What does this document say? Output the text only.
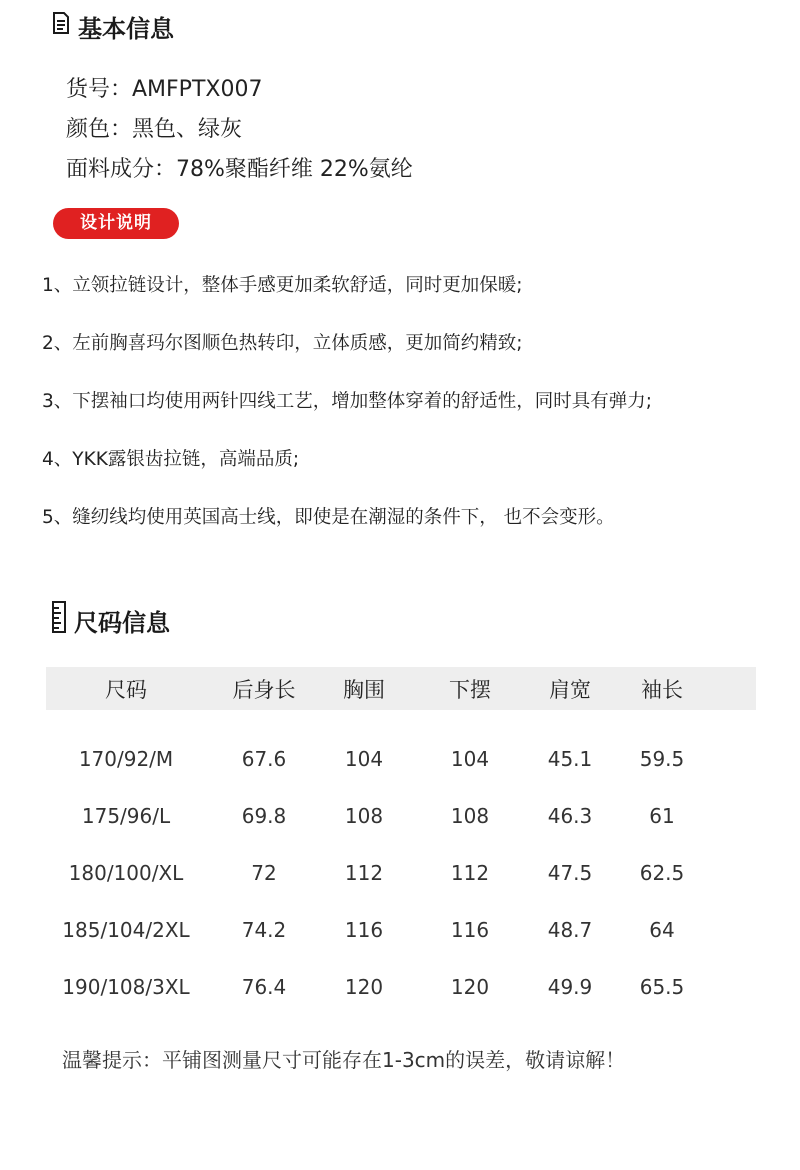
基本信息
货号：AMFPTX007
颜色：黑色、绿灰
面料成分：78%聚酯纤维 22%氨纶
设计说明
1、立领拉链设计，整体手感更加柔软舒适，同时更加保暖;
2、左前胸喜玛尔图顺色热转印，立体质感，更加简约精致;
3、下摆袖口均使用两针四线工艺，增加整体穿着的舒适性，同时具有弹力;
4、YKK露银齿拉链，高端品质;
5、缝纫线均使用英国高士线，即使是在潮湿的条件下， 也不会变形。
尺码信息
尺码	后身长	胸围	下摆	肩宽	袖长
170/92/M	67.6	104	104	45.1	59.5
175/96/L	69.8	108	108	46.3	61
180/100/XL	72	112	112	47.5	62.5
185/104/2XL	74.2	116	116	48.7	64
190/108/3XL	76.4	120	120	49.9	65.5
温馨提示：平铺图测量尺寸可能存在1-3cm的误差，敬请谅解！
